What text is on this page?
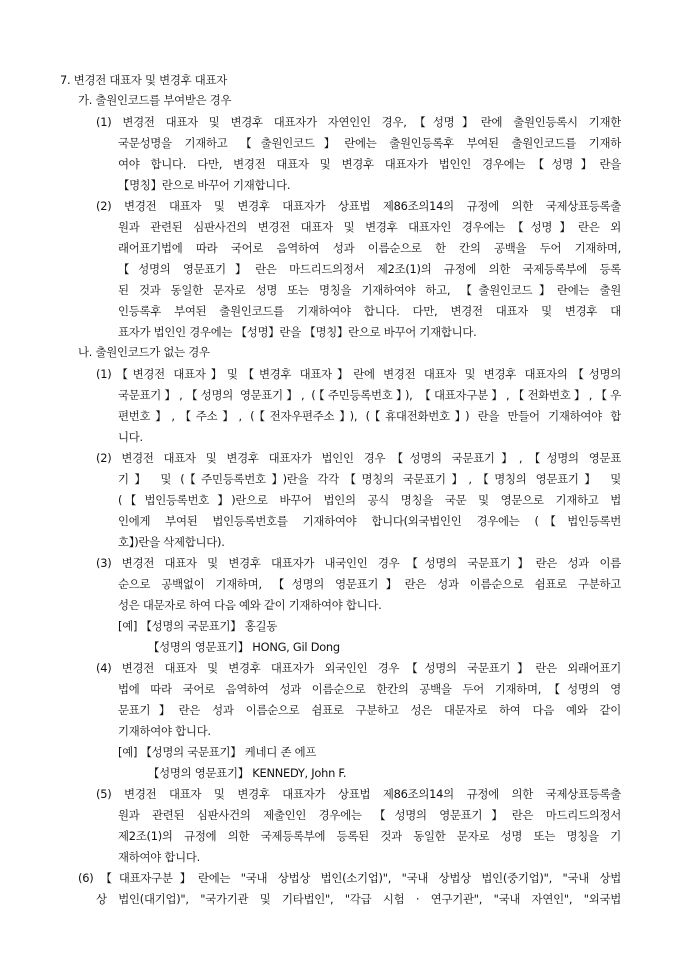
7. 변경전 대표자 및 변경후 대표자
가. 출원인코드를 부여받은 경우
(1) 변경전 대표자 및 변경후 대표자가 자연인인 경우,【성명】란에 출원인등록시 기재한
국문성명을 기재하고 【출원인코드】란에는 출원인등록후 부여된 출원인코드를 기재하
여야 합니다. 다만, 변경전 대표자 및 변경후 대표자가 법인인 경우에는【성명】란을
【명칭】란으로 바꾸어 기재합니다.
(2) 변경전 대표자 및 변경후 대표자가 상표법 제86조의14의 규정에 의한 국제상표등록출
원과 관련된 심판사건의 변경전 대표자 및 변경후 대표자인 경우에는【성명】란은 외
래어표기법에 따라 국어로 음역하여 성과 이름순으로 한 칸의 공백을 두어 기재하며,
【성명의 영문표기】란은 마드리드의정서 제2조(1)의 규정에 의한 국제등록부에 등록
된 것과 동일한 문자로 성명 또는 명칭을 기재하여야 하고, 【출원인코드】란에는 출원
인등록후 부여된 출원인코드를 기재하여야 합니다. 다만, 변경전 대표자 및 변경후 대
표자가 법인인 경우에는 【성명】란을 【명칭】란으로 바꾸어 기재합니다.
나. 출원인코드가 없는 경우
(1)【변경전 대표자】및【변경후 대표자】란에 변경전 대표자 및 변경후 대표자의【성명의
국문표기】,【성명의 영문표기】, (【주민등록번호】), 【대표자구분】,【전화번호】,【우
편번호】,【주소】, (【전자우편주소】), (【휴대전화번호】) 란을 만들어 기재하여야 합
니다.
(2) 변경전 대표자 및 변경후 대표자가 법인인 경우【성명의 국문표기】,【성명의 영문표
기】 및 (【주민등록번호】)란을 각각【명칭의 국문표기】,【명칭의 영문표기】 및
(【법인등록번호】)란으로 바꾸어 법인의 공식 명칭을 국문 및 영문으로 기재하고 법
인에게 부여된 법인등록번호를 기재하여야 합니다(외국법인인 경우에는 (【법인등록번
호】)란을 삭제합니다).
(3) 변경전 대표자 및 변경후 대표자가 내국인인 경우【성명의 국문표기】란은 성과 이름
순으로 공백없이 기재하며, 【성명의 영문표기】란은 성과 이름순으로 쉼표로 구분하고
성은 대문자로 하여 다음 예와 같이 기재하여야 합니다.
[예] 【성명의 국문표기】 홍길동
【성명의 영문표기】 HONG, Gil Dong
(4) 변경전 대표자 및 변경후 대표자가 외국인인 경우【성명의 국문표기】란은 외래어표기
법에 따라 국어로 음역하여 성과 이름순으로 한칸의 공백을 두어 기재하며,【성명의 영
문표기】란은 성과 이름순으로 쉼표로 구분하고 성은 대문자로 하여 다음 예와 같이
기재하여야 합니다.
[예] 【성명의 국문표기】 케네디 존 에프
【성명의 영문표기】 KENNEDY, John F.
(5) 변경전 대표자 및 변경후 대표자가 상표법 제86조의14의 규정에 의한 국제상표등록출
원과 관련된 심판사건의 제출인인 경우에는 【성명의 영문표기】란은 마드리드의정서
제2조(1)의 규정에 의한 국제등록부에 등록된 것과 동일한 문자로 성명 또는 명칭을 기
재하여야 합니다.
(6)【대표자구분】란에는 "국내 상법상 법인(소기업)", "국내 상법상 법인(중기업)", "국내 상법
상 법인(대기업)", "국가기관 및 기타법인", "각급 시험 · 연구기관", "국내 자연인", "외국법
